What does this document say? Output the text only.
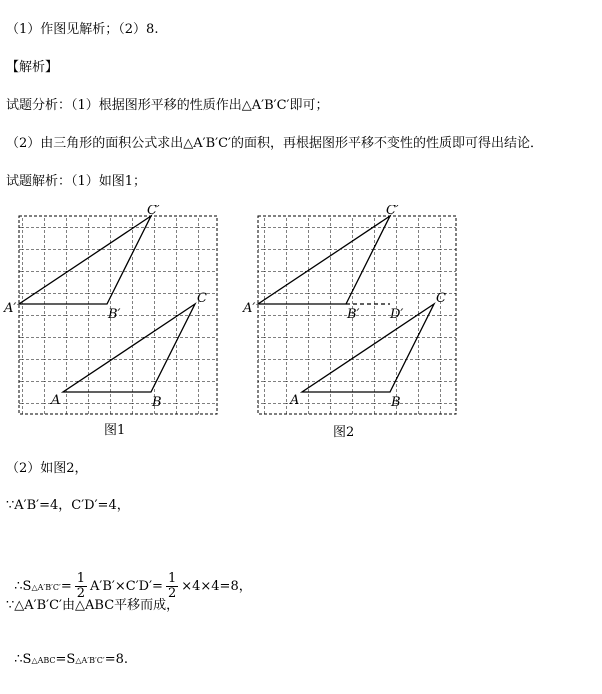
（1）作图见解析；（2）8.
【解析】
试题分析：（1）根据图形平移的性质作出△A′B′C′即可；
（2）由三角形的面积公式求出△A′B′C′的面积，再根据图形平移不变性的性质即可得出结论．
试题解析：（1）如图1；
A′	B′
C′
A	B
C
图1
A′	B′ D′
C′
A	B
C
图2
（2）如图2，
∵A′B′=4，C′D′=4，

∴S△A′B′C′= $\frac{1}{2} A'B'\times C'D'= \frac{1}{2} \times 4\times 4=8$，

∵△A′B′C′由△ABC平移而成，

∴S△ABC=S△A′B′C′=8.
